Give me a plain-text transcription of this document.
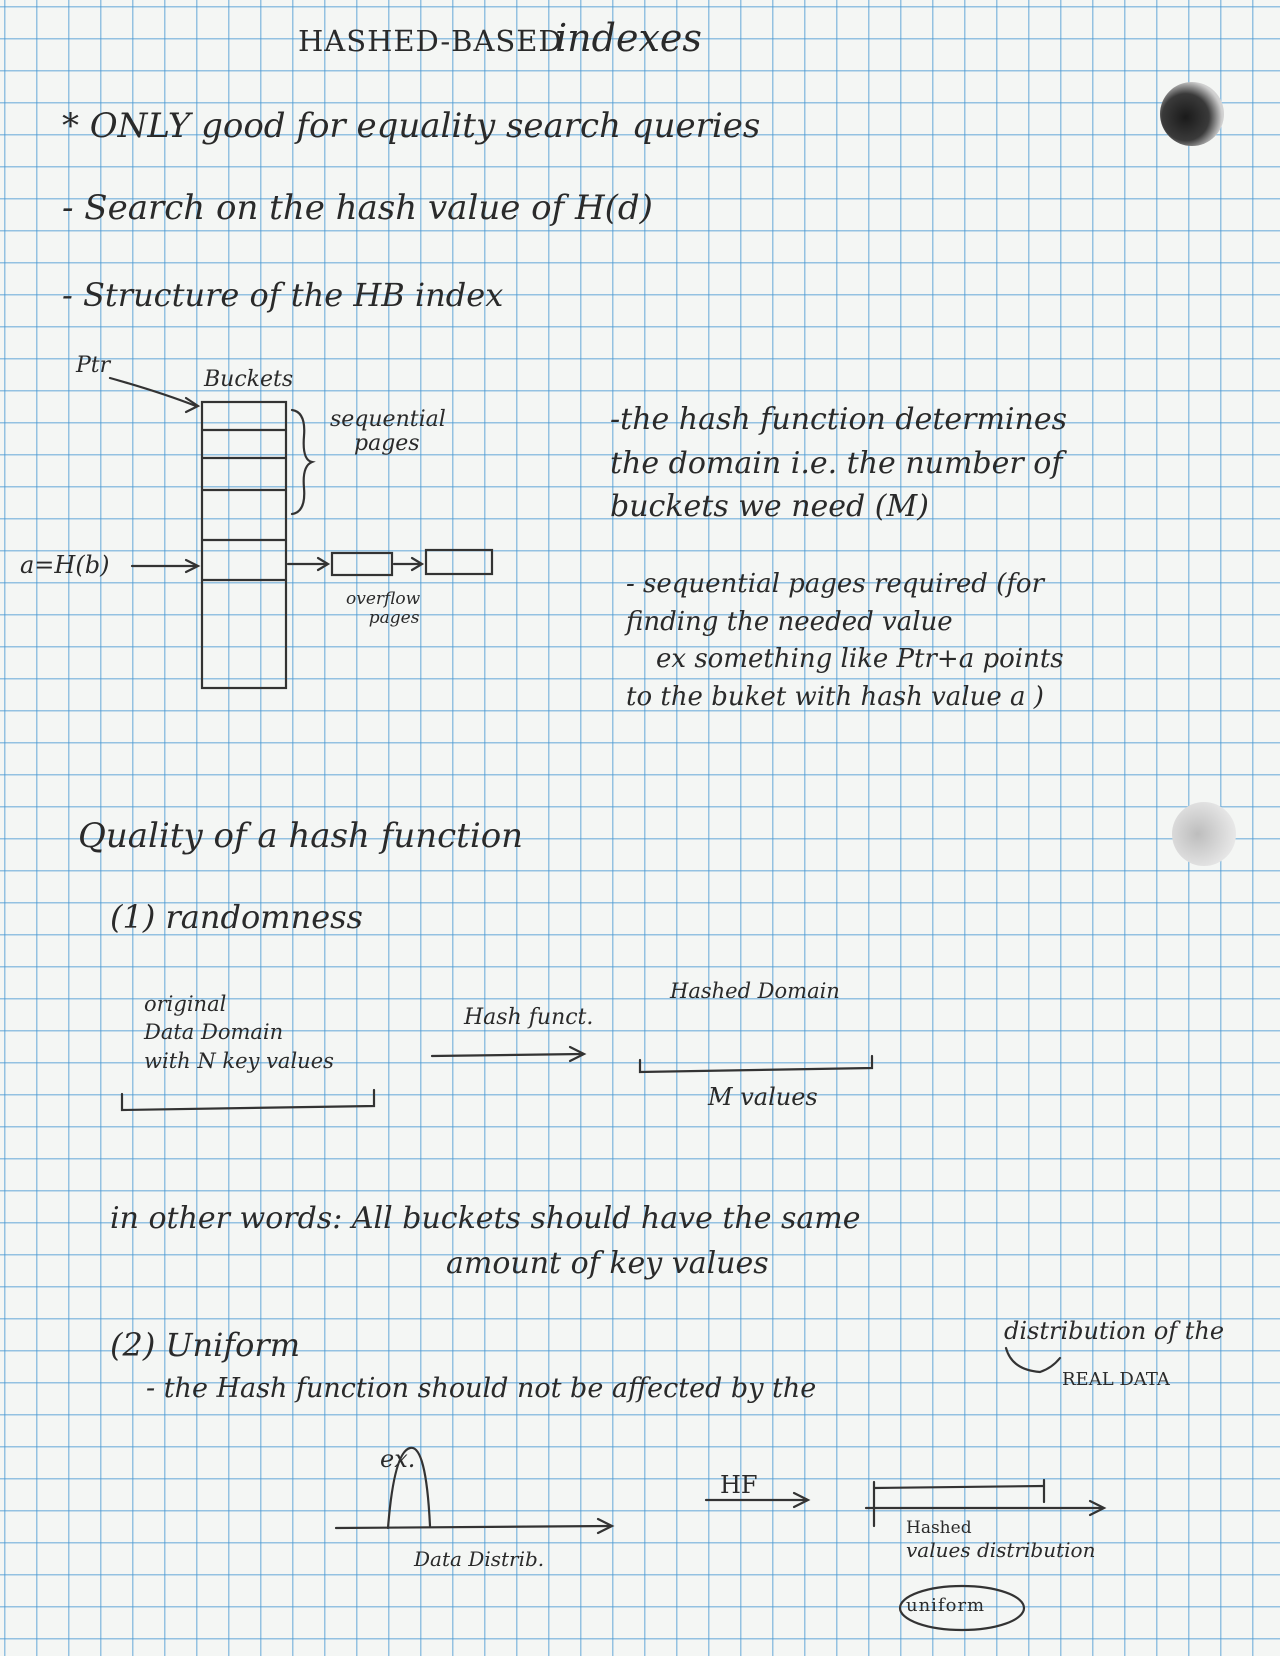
HASHED-BASED
indexes
* ONLY good for equality search queries
- Search on the hash value of H(d)
- Structure of the HB index
Ptr
Buckets
sequential
pages
a=H(b)
overflow
pages
-the hash function determines
the domain i.e. the number of
buckets we need (M)
- sequential pages required (for
finding the needed value
ex something like Ptr+a points
to the buket with hash value a )
Quality of a hash function
(1) randomness
original
Data Domain
with N key values
Hash funct.
Hashed Domain
M values
in other words: All buckets should have the same
amount of key values
(2) Uniform
- the Hash function should not be affected by the
distribution of the
REAL DATA
ex.
HF
Data Distrib.
Hashed
values distribution
uniform
